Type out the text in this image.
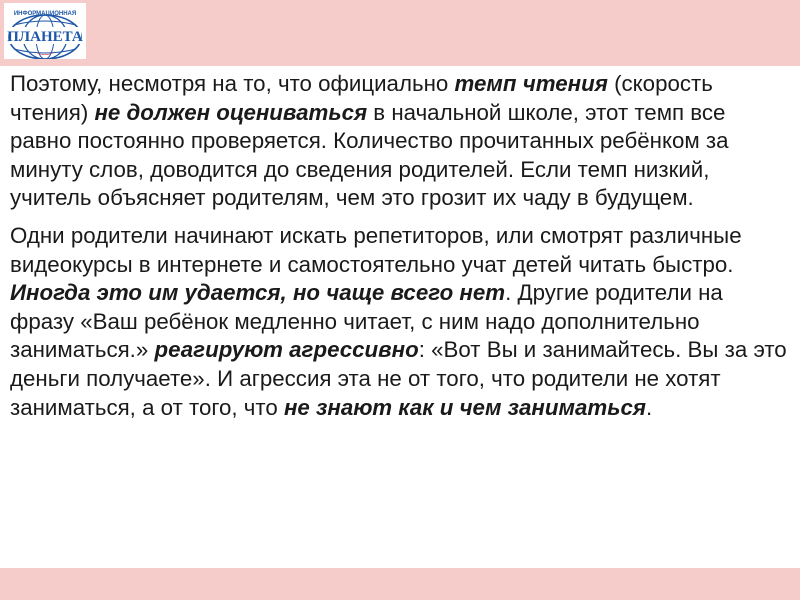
ИНФОРМАЦИОННАЯ
ПЛАНЕТА

Поэтому, несмотря на то, что официально темп чтения (скорость чтения) не должен оцениваться в начальной школе, этот темп все равно постоянно проверяется. Количество прочитанных ребёнком за минуту слов, доводится до сведения родителей. Если темп низкий, учитель объясняет родителям, чем это грозит их чаду в будущем.

Одни родители начинают искать репетиторов, или смотрят различные видеокурсы в интернете и самостоятельно учат детей читать быстро. Иногда это им удается, но чаще всего нет. Другие родители на фразу «Ваш ребёнок медленно читает, с ним надо дополнительно заниматься.» реагируют агрессивно: «Вот Вы и занимайтесь. Вы за это деньги получаете». И агрессия эта не от того, что родители не хотят заниматься, а от того, что не знают как и чем заниматься.
